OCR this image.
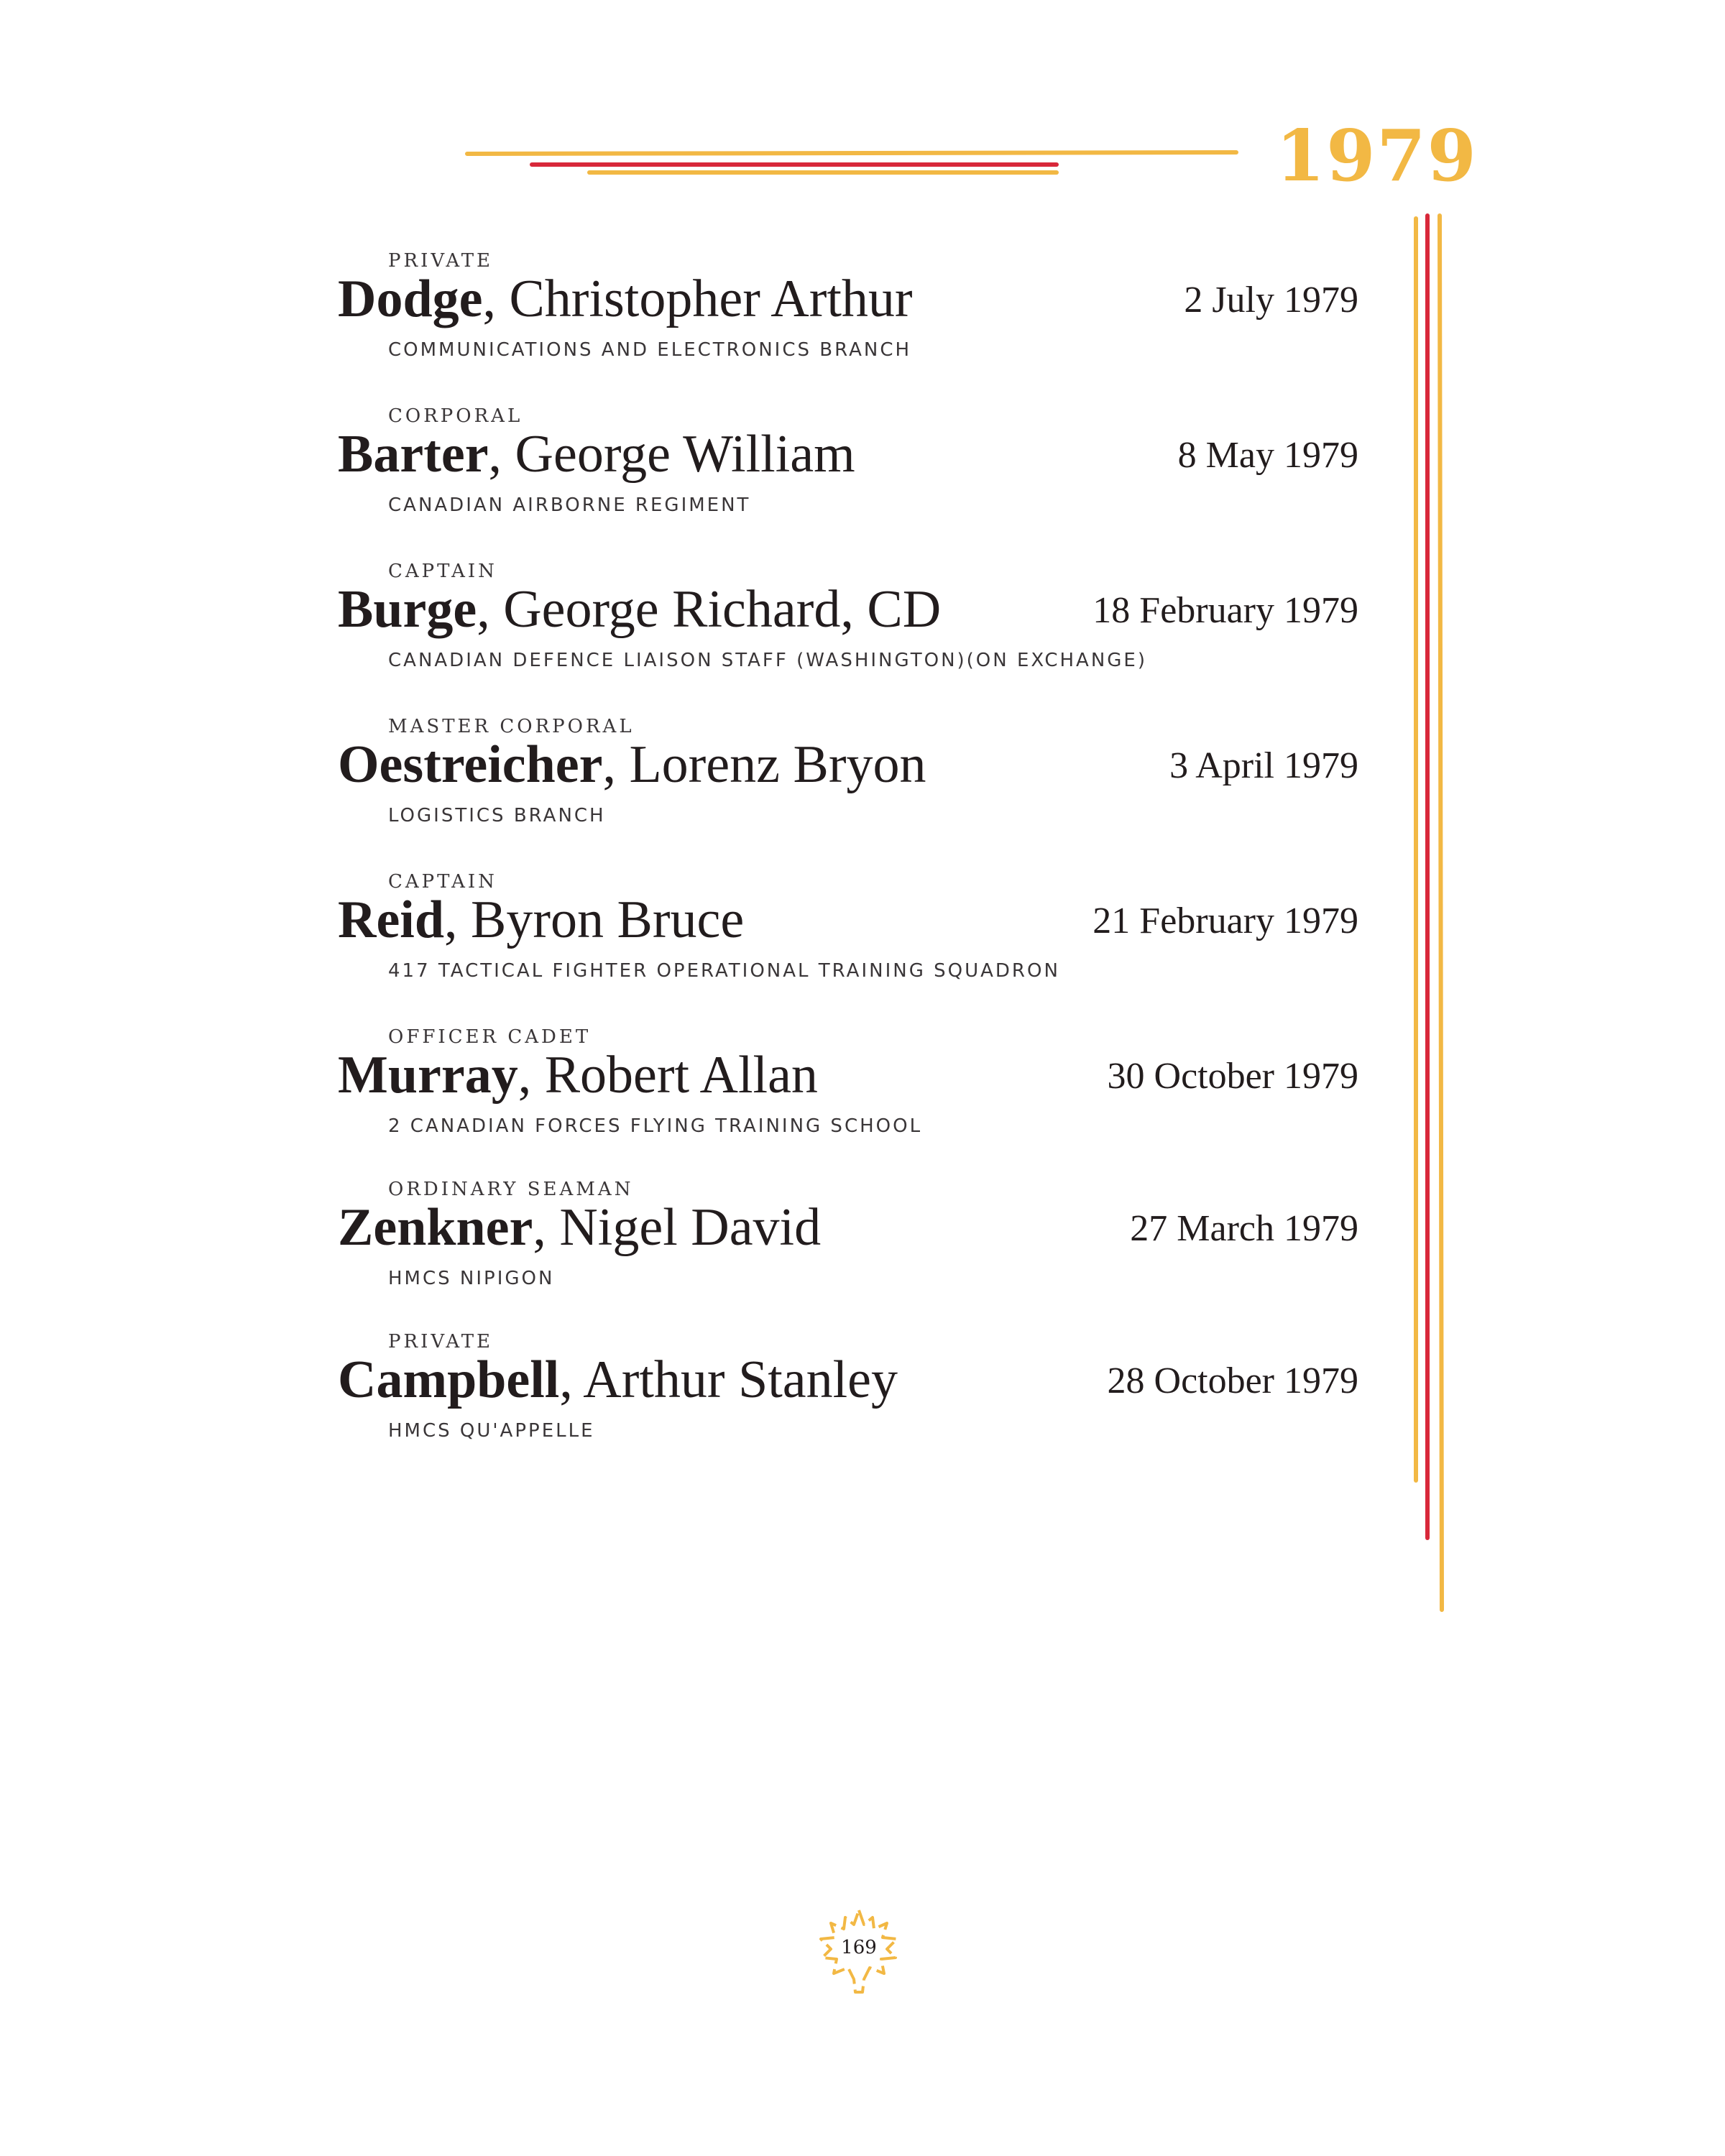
1979
PRIVATE
Dodge, Christopher Arthur	2 July 1979
COMMUNICATIONS AND ELECTRONICS BRANCH
CORPORAL
Barter, George William	8 May 1979
CANADIAN AIRBORNE REGIMENT
CAPTAIN
Burge, George Richard, CD	18 February 1979
CANADIAN DEFENCE LIAISON STAFF (WASHINGTON)(ON EXCHANGE)
MASTER CORPORAL
Oestreicher, Lorenz Bryon	3 April 1979
LOGISTICS BRANCH
CAPTAIN
Reid, Byron Bruce	21 February 1979
417 TACTICAL FIGHTER OPERATIONAL TRAINING SQUADRON
OFFICER CADET
Murray, Robert Allan	30 October 1979
2 CANADIAN FORCES FLYING TRAINING SCHOOL
ORDINARY SEAMAN
Zenkner, Nigel David	27 March 1979
HMCS NIPIGON
PRIVATE
Campbell, Arthur Stanley	28 October 1979
HMCS QU'APPELLE
169
